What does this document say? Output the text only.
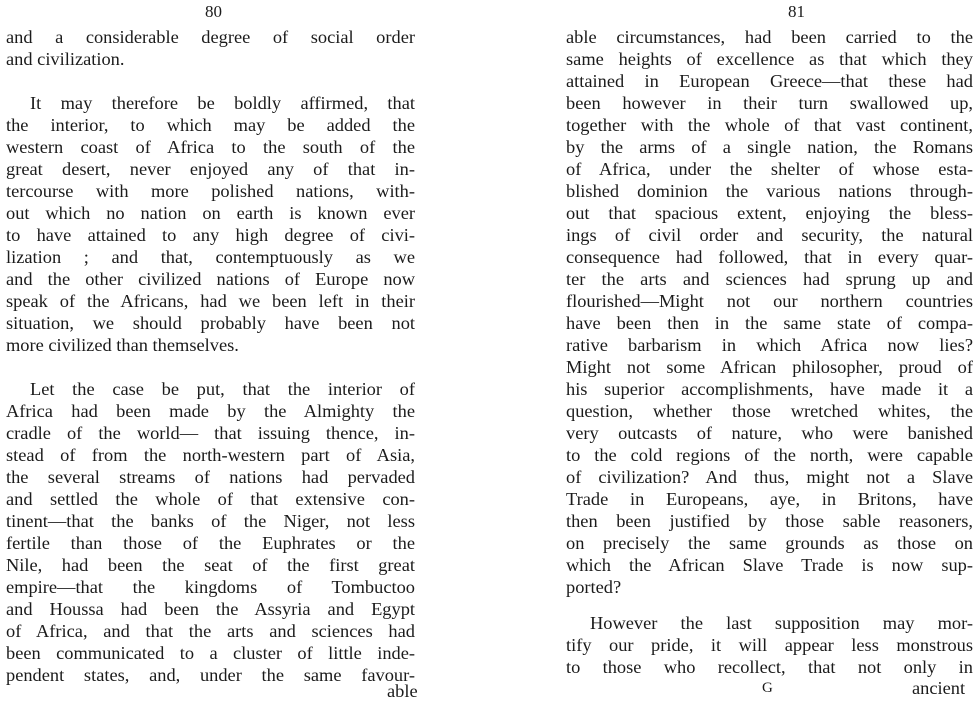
80
and a considerable degree of social order
and civilization.
It may therefore be boldly affirmed, that
the interior, to which may be added the
western coast of Africa to the south of the
great desert, never enjoyed any of that in-
tercourse with more polished nations, with-
out which no nation on earth is known ever
to have attained to any high degree of civi-
lization ; and that, contemptuously as we
and the other civilized nations of Europe now
speak of the Africans, had we been left in their
situation, we should probably have been not
more civilized than themselves.
Let the case be put, that the interior of
Africa had been made by the Almighty the
cradle of the world— that issuing thence, in-
stead of from the north-western part of Asia,
the several streams of nations had pervaded
and settled the whole of that extensive con-
tinent—that the banks of the Niger, not less
fertile than those of the Euphrates or the
Nile, had been the seat of the first great
empire—that the kingdoms of Tombuctoo
and Houssa had been the Assyria and Egypt
of Africa, and that the arts and sciences had
been communicated to a cluster of little inde-
pendent states, and, under the same favour-
able
81
able circumstances, had been carried to the
same heights of excellence as that which they
attained in European Greece—that these had
been however in their turn swallowed up,
together with the whole of that vast continent,
by the arms of a single nation, the Romans
of Africa, under the shelter of whose esta-
blished dominion the various nations through-
out that spacious extent, enjoying the bless-
ings of civil order and security, the natural
consequence had followed, that in every quar-
ter the arts and sciences had sprung up and
flourished—Might not our northern countries
have been then in the same state of compa-
rative barbarism in which Africa now lies?
Might not some African philosopher, proud of
his superior accomplishments, have made it a
question, whether those wretched whites, the
very outcasts of nature, who were banished
to the cold regions of the north, were capable
of civilization? And thus, might not a Slave
Trade in Europeans, aye, in Britons, have
then been justified by those sable reasoners,
on precisely the same grounds as those on
which the African Slave Trade is now sup-
ported?
However the last supposition may mor-
tify our pride, it will appear less monstrous
to those who recollect, that not only in
G	ancient
